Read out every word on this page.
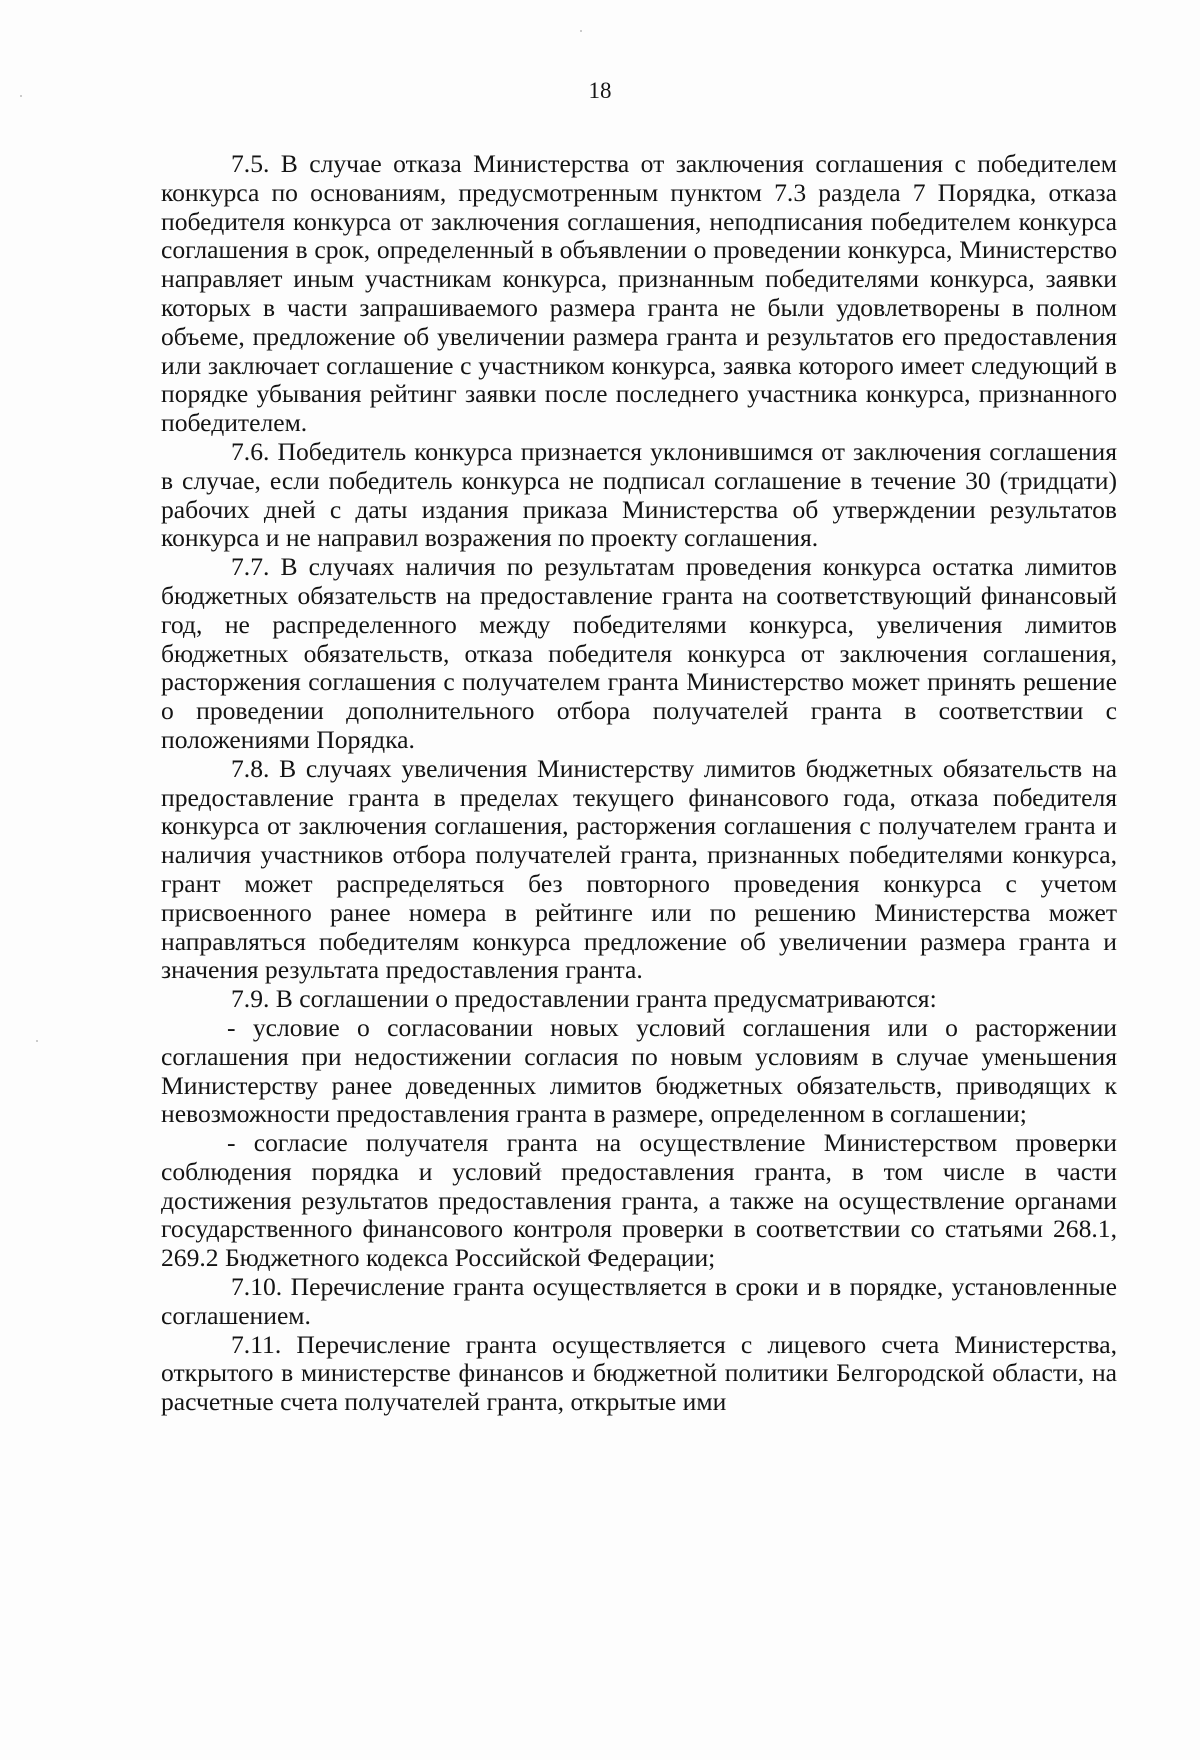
18

7.5. В случае отказа Министерства от заключения соглашения с победителем конкурса по основаниям, предусмотренным пунктом 7.3 раздела 7 Порядка, отказа победителя конкурса от заключения соглашения, неподписания победителем конкурса соглашения в срок, определенный в объявлении о проведении конкурса, Министерство направляет иным участникам конкурса, признанным победителями конкурса, заявки которых в части запрашиваемого размера гранта не были удовлетворены в полном объеме, предложение об увеличении размера гранта и результатов его предоставления или заключает соглашение с участником конкурса, заявка которого имеет следующий в порядке убывания рейтинг заявки после последнего участника конкурса, признанного победителем.

7.6. Победитель конкурса признается уклонившимся от заключения соглашения в случае, если победитель конкурса не подписал соглашение в течение 30 (тридцати) рабочих дней с даты издания приказа Министерства об утверждении результатов конкурса и не направил возражения по проекту соглашения.

7.7. В случаях наличия по результатам проведения конкурса остатка лимитов бюджетных обязательств на предоставление гранта на соответствующий финансовый год, не распределенного между победителями конкурса, увеличения лимитов бюджетных обязательств, отказа победителя конкурса от заключения соглашения, расторжения соглашения с получателем гранта Министерство может принять решение о проведении дополнительного отбора получателей гранта в соответствии с положениями Порядка.

7.8. В случаях увеличения Министерству лимитов бюджетных обязательств на предоставление гранта в пределах текущего финансового года, отказа победителя конкурса от заключения соглашения, расторжения соглашения с получателем гранта и наличия участников отбора получателей гранта, признанных победителями конкурса, грант может распределяться без повторного проведения конкурса с учетом присвоенного ранее номера в рейтинге или по решению Министерства может направляться победителям конкурса предложение об увеличении размера гранта и значения результата предоставления гранта.

7.9. В соглашении о предоставлении гранта предусматриваются:

- условие о согласовании новых условий соглашения или о расторжении соглашения при недостижении согласия по новым условиям в случае уменьшения Министерству ранее доведенных лимитов бюджетных обязательств, приводящих к невозможности предоставления гранта в размере, определенном в соглашении;

- согласие получателя гранта на осуществление Министерством проверки соблюдения порядка и условий предоставления гранта, в том числе в части достижения результатов предоставления гранта, а также на осуществление органами государственного финансового контроля проверки в соответствии со статьями 268.1, 269.2 Бюджетного кодекса Российской Федерации;

7.10. Перечисление гранта осуществляется в сроки и в порядке, установленные соглашением.

7.11. Перечисление гранта осуществляется с лицевого счета Министерства, открытого в министерстве финансов и бюджетной политики Белгородской области, на расчетные счета получателей гранта, открытые ими
